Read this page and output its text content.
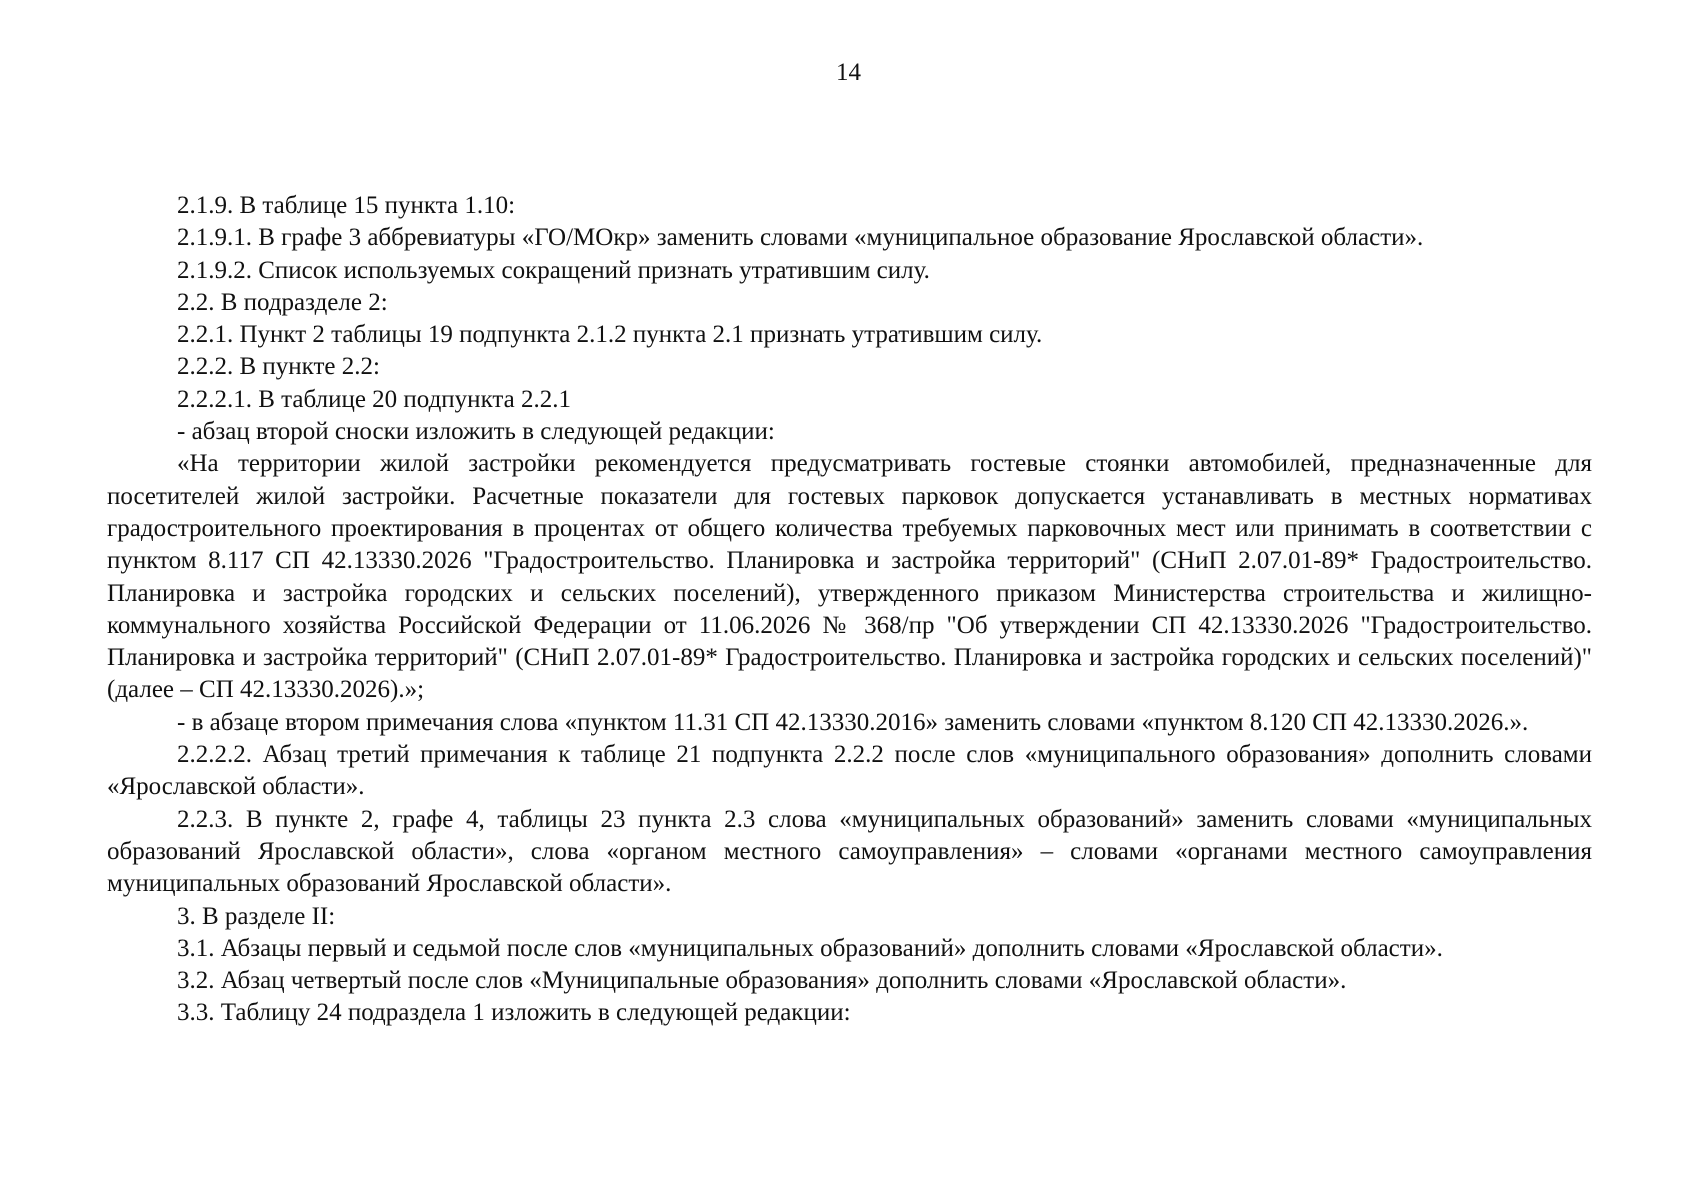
14

2.1.9. В таблице 15 пункта 1.10:

2.1.9.1. В графе 3 аббревиатуры «ГО/МОкр» заменить словами «муниципальное образование Ярославской области».

2.1.9.2. Список используемых сокращений признать утратившим силу.

2.2. В подразделе 2:

2.2.1. Пункт 2 таблицы 19 подпункта 2.1.2 пункта 2.1 признать утратившим силу.

2.2.2. В пункте 2.2:

2.2.2.1. В таблице 20 подпункта 2.2.1

- абзац второй сноски изложить в следующей редакции:

«На территории жилой застройки рекомендуется предусматривать гостевые стоянки автомобилей, предназначенные для посетителей жилой застройки. Расчетные показатели для гостевых парковок допускается устанавливать в местных нормативах градостроительного проектирования в процентах от общего количества требуемых парковочных мест или принимать в соответствии с пунктом 8.117 СП 42.13330.2026 "Градостроительство. Планировка и застройка территорий" (СНиП 2.07.01-89* Градостроительство. Планировка и застройка городских и сельских поселений), утвержденного приказом Министерства строительства и жилищно-коммунального хозяйства Российской Федерации от 11.06.2026 № 368/пр "Об утверждении СП 42.13330.2026 "Градостроительство. Планировка и застройка территорий" (СНиП 2.07.01-89* Градостроительство. Планировка и застройка городских и сельских поселений)" (далее – СП 42.13330.2026).»;

- в абзаце втором примечания слова «пунктом 11.31 СП 42.13330.2016» заменить словами «пунктом 8.120 СП 42.13330.2026.».

2.2.2.2. Абзац третий примечания к таблице 21 подпункта 2.2.2 после слов «муниципального образования» дополнить словами «Ярославской области».

2.2.3. В пункте 2, графе 4, таблицы 23 пункта 2.3 слова «муниципальных образований» заменить словами «муниципальных образований Ярославской области», слова «органом местного самоуправления» – словами «органами местного самоуправления муниципальных образований Ярославской области».

3. В разделе II:

3.1. Абзацы первый и седьмой после слов «муниципальных образований» дополнить словами «Ярославской области».

3.2. Абзац четвертый после слов «Муниципальные образования» дополнить словами «Ярославской области».

3.3. Таблицу 24 подраздела 1 изложить в следующей редакции:
